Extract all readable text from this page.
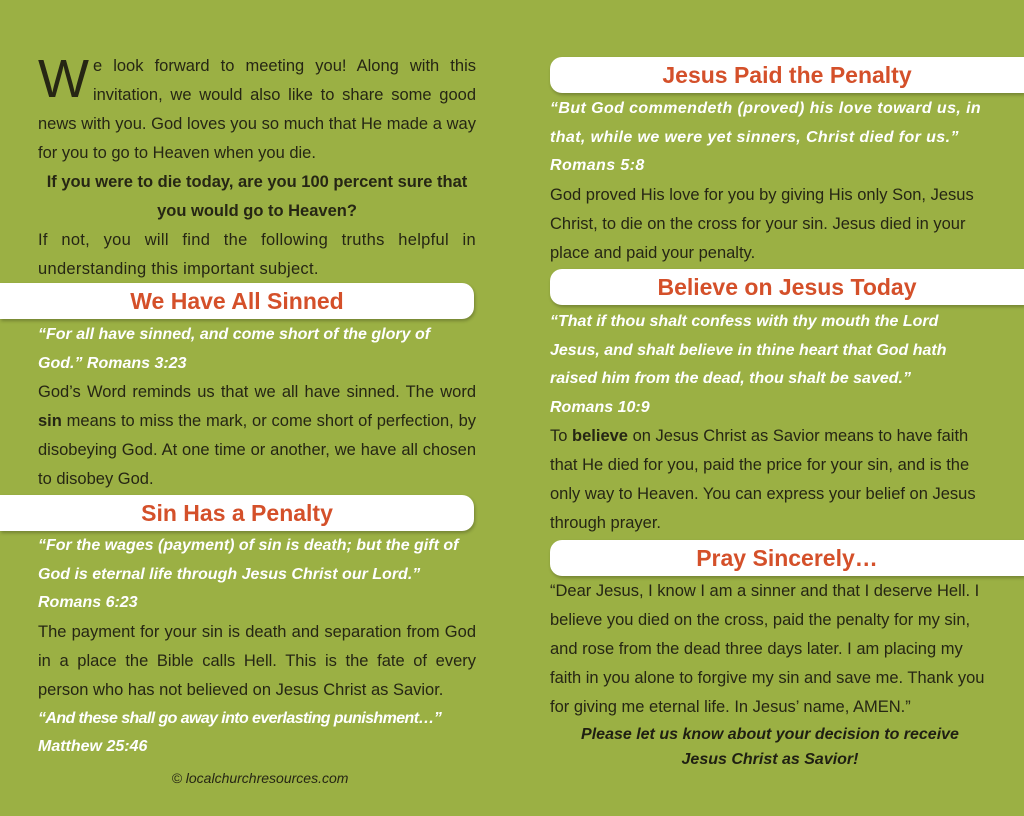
We look forward to meeting you! Along with this invitation, we would also like to share some good news with you. God loves you so much that He made a way for you to go to Heaven when you die.
If you were to die today, are you 100 percent sure that you would go to Heaven?
If not, you will find the following truths helpful in understanding this important subject.
We Have All Sinned
“For all have sinned, and come short of the glory of God.” Romans 3:23
God’s Word reminds us that we all have sinned. The word sin means to miss the mark, or come short of perfection, by disobeying God. At one time or another, we have all chosen to disobey God.
Sin Has a Penalty
“For the wages (payment) of sin is death; but the gift of God is eternal life through Jesus Christ our Lord.”
Romans 6:23
The payment for your sin is death and separation from God in a place the Bible calls Hell. This is the fate of every person who has not believed on Jesus Christ as Savior.
“And these shall go away into everlasting punishment…”
Matthew 25:46
© localchurchresources.com
Jesus Paid the Penalty
“But God commendeth (proved) his love toward us, in that, while we were yet sinners, Christ died for us.” Romans 5:8
God proved His love for you by giving His only Son, Jesus Christ, to die on the cross for your sin. Jesus died in your place and paid your penalty.
Believe on Jesus Today
“That if thou shalt confess with thy mouth the Lord Jesus, and shalt believe in thine heart that God hath raised him from the dead, thou shalt be saved.”
Romans 10:9
To believe on Jesus Christ as Savior means to have faith that He died for you, paid the price for your sin, and is the only way to Heaven. You can express your belief on Jesus through prayer.
Pray Sincerely…
“Dear Jesus, I know I am a sinner and that I deserve Hell. I believe you died on the cross, paid the penalty for my sin, and rose from the dead three days later. I am placing my faith in you alone to forgive my sin and save me. Thank you for giving me eternal life. In Jesus’ name, AMEN.”
Please let us know about your decision to receive Jesus Christ as Savior!
